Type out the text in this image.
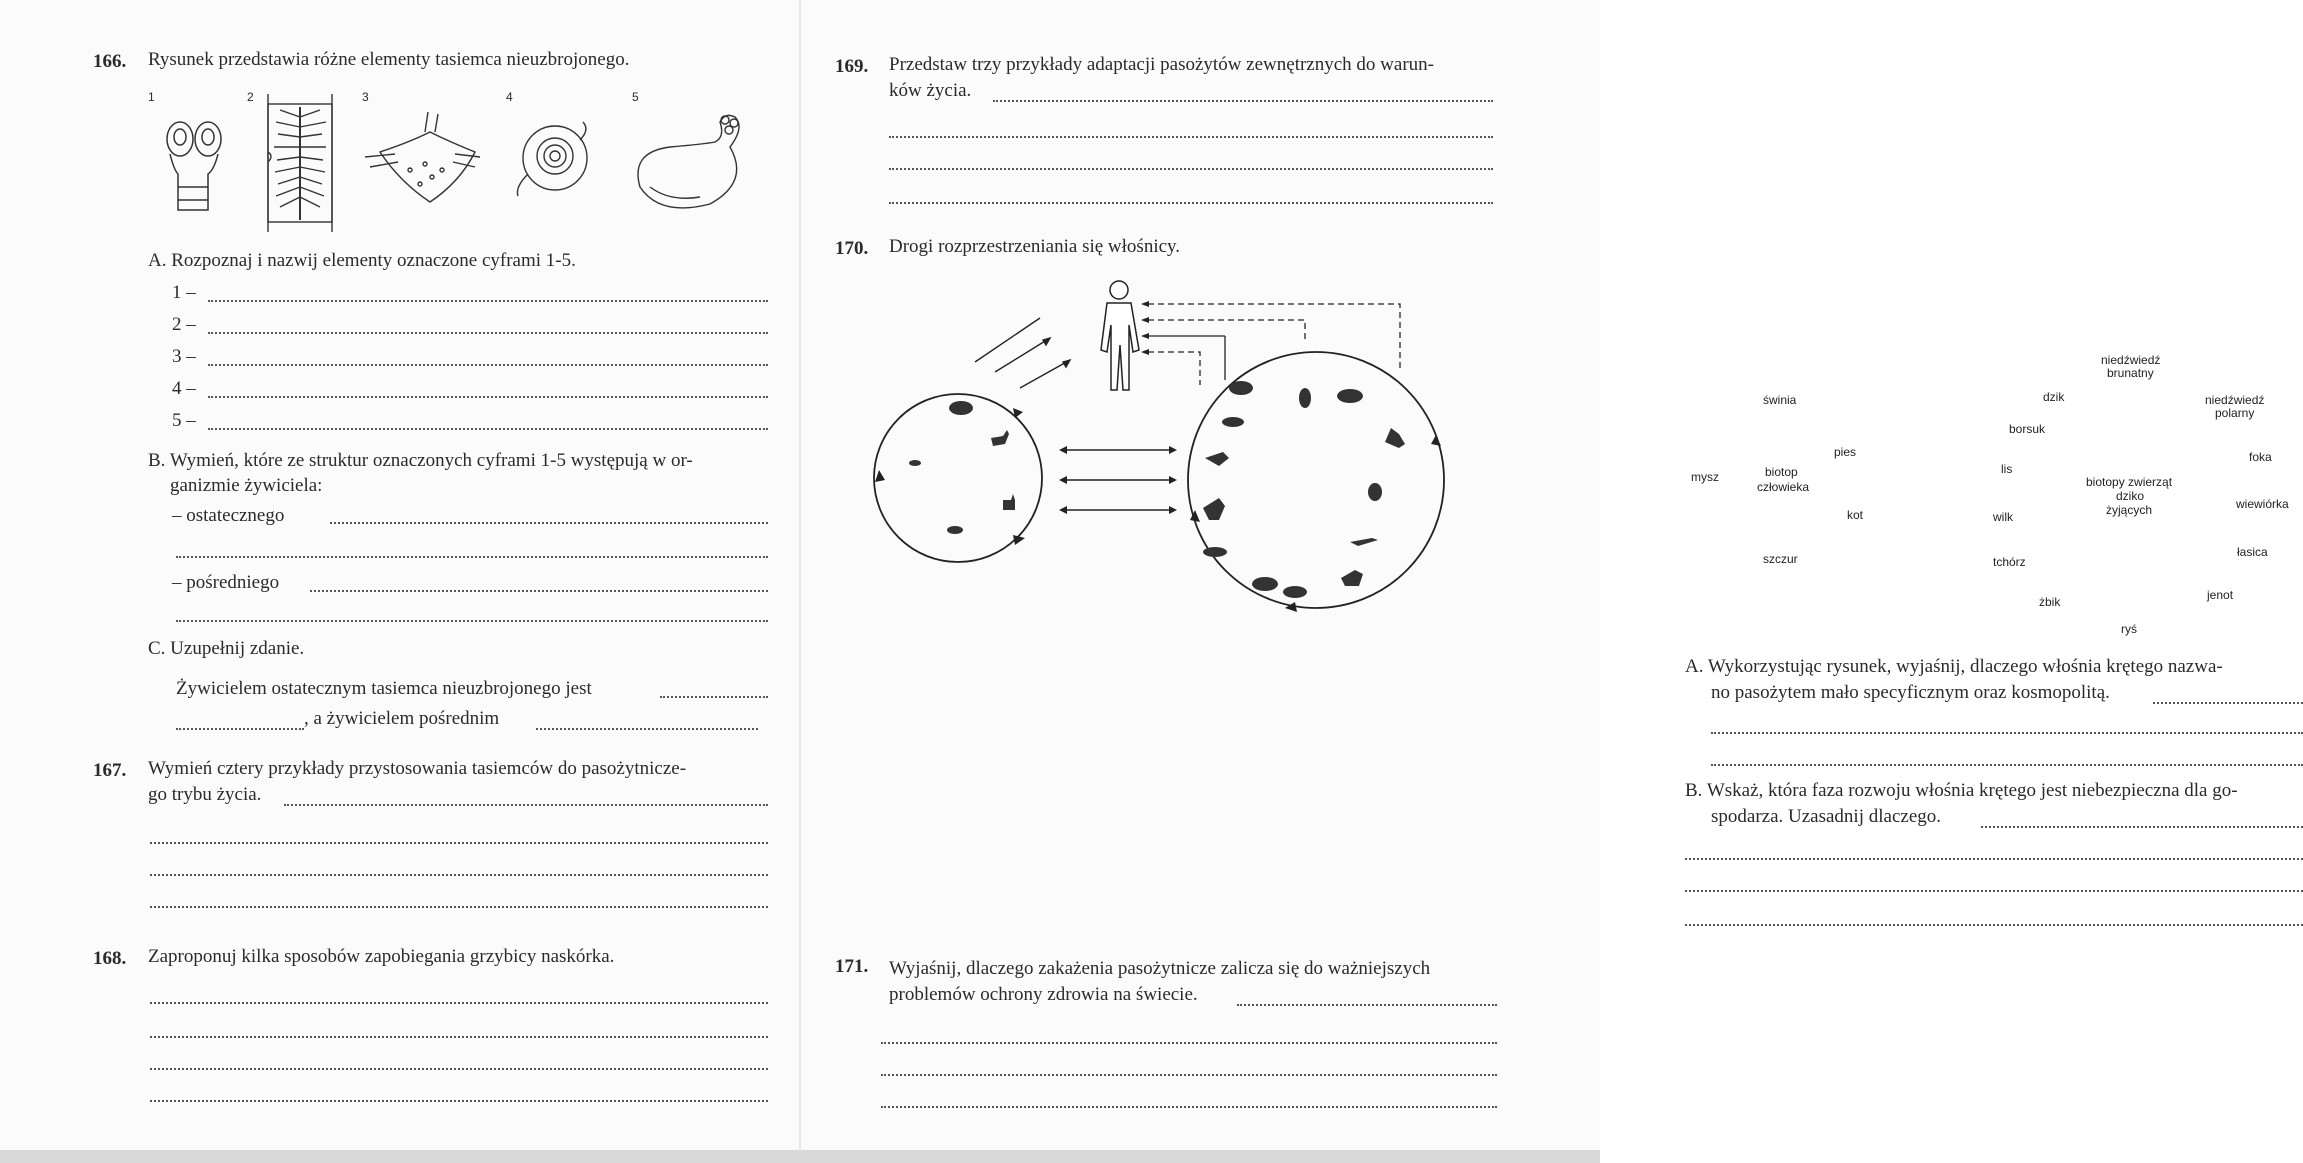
166. Rysunek przedstawia różne elementy tasiemca nieuzbrojonego.
1	2	3	4	5
A. Rozpoznaj i nazwij elementy oznaczone cyframi 1-5.
1 –
2 –
3 –
4 –
5 –
B. Wymień, które ze struktur oznaczonych cyframi 1-5 występują w or-
ganizmie żywiciela:
– ostatecznego
– pośredniego
C. Uzupełnij zdanie.
Żywicielem ostatecznym tasiemca nieuzbrojonego jest
, a żywicielem pośrednim
167. Wymień cztery przykłady przystosowania tasiemców do pasożytnicze-
go trybu życia.
168. Zaproponuj kilka sposobów zapobiegania grzybicy naskórka.
169. Przedstaw trzy przykłady adaptacji pasożytów zewnętrznych do warun-
ków życia.
170. Drogi rozprzestrzeniania się włośnicy.
świnia
pies
kot
szczur
mysz	biotop
człowieka
niedźwiedź
brunatny
niedźwiedź
polarny
dzik
borsuk
foka
lis
wiewiórka
wilk
łasica
tchórz
jenot
żbik
ryś
biotopy zwierząt
dziko
żyjących
A. Wykorzystując rysunek, wyjaśnij, dlaczego włośnia krętego nazwa-
no pasożytem mało specyficznym oraz kosmopolitą.
B. Wskaż, która faza rozwoju włośnia krętego jest niebezpieczna dla go-
spodarza. Uzasadnij dlaczego.
171. Wyjaśnij, dlaczego zakażenia pasożytnicze zalicza się do ważniejszych
problemów ochrony zdrowia na świecie.
